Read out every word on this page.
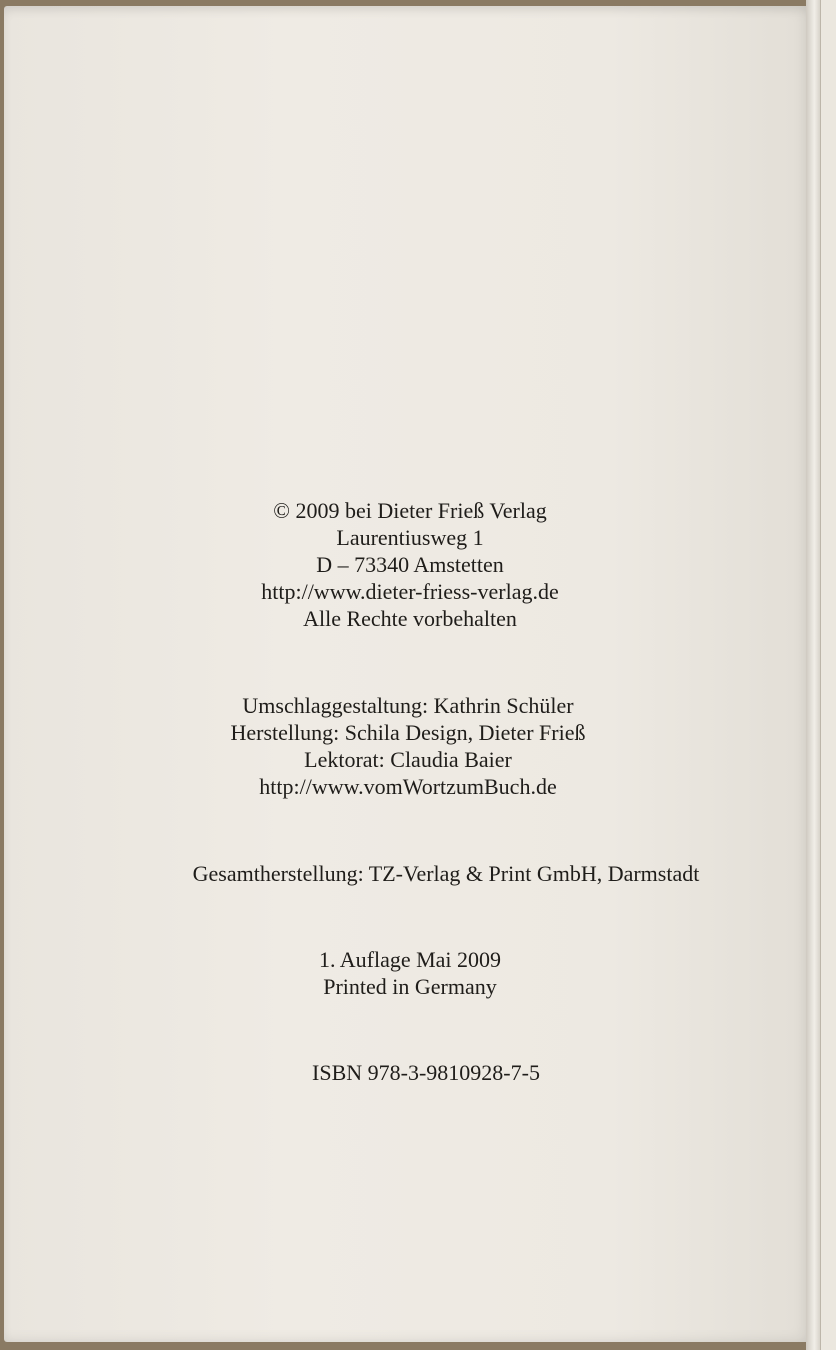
© 2009 bei Dieter Frieß Verlag
Laurentiusweg 1
D – 73340 Amstetten
http://www.dieter-friess-verlag.de
Alle Rechte vorbehalten
Umschlaggestaltung: Kathrin Schüler
Herstellung: Schila Design, Dieter Frieß
Lektorat: Claudia Baier
http://www.vomWortzumBuch.de
Gesamtherstellung: TZ-Verlag & Print GmbH, Darmstadt
1. Auflage Mai 2009
Printed in Germany
ISBN 978-3-9810928-7-5
